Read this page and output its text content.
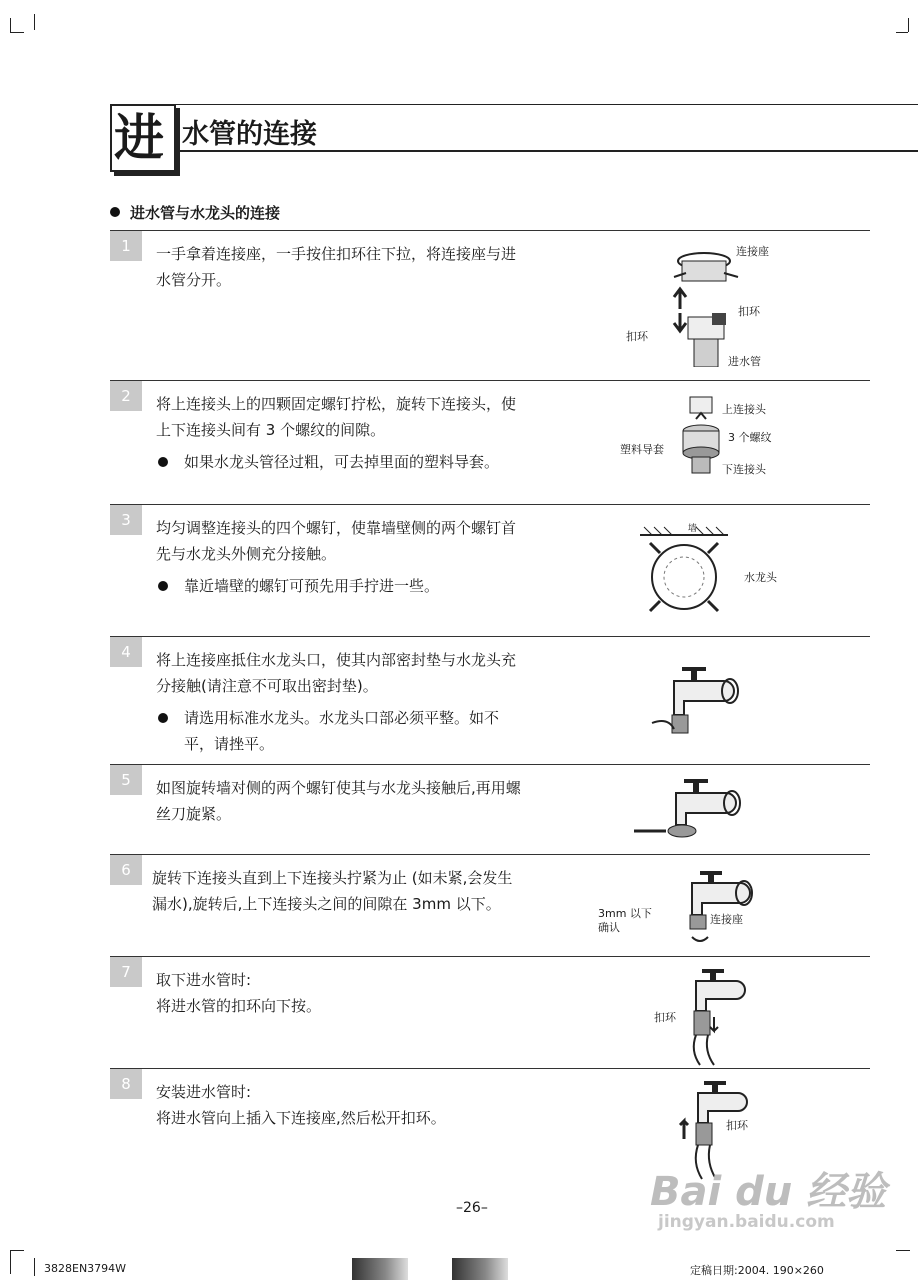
进 水管的连接
进水管与水龙头的连接
1	一手拿着连接座，一手按住扣环往下拉，将连接座与进水管分开。
连接座
扣环
扣环
进水管
2	将上连接头上的四颗固定螺钉拧松，旋转下连接头，使上下连接头间有 3 个螺纹的间隙。
如果水龙头管径过粗，可去掉里面的塑料导套。
上连接头
3 个螺纹
塑料导套
下连接头
3	均匀调整连接头的四个螺钉，使靠墙壁侧的两个螺钉首先与水龙头外侧充分接触。
靠近墙壁的螺钉可预先用手拧进一些。
墙
水龙头
4	将上连接座抵住水龙头口，使其内部密封垫与水龙头充分接触(请注意不可取出密封垫)。
请选用标准水龙头。水龙头口部必须平整。如不平，请挫平。
5	如图旋转墙对侧的两个螺钉使其与水龙头接触后,再用螺丝刀旋紧。
6	旋转下连接头直到上下连接头拧紧为止 (如未紧,会发生漏水),旋转后,上下连接头之间的间隙在 3mm 以下。
3mm 以下
确认
连接座
7	取下进水管时:
将进水管的扣环向下按。
扣环
8	安装进水管时:
将进水管向上插入下连接座,然后松开扣环。	扣环
Bai du 经验
jingyan.baidu.com
–26–
3828EN3794W	定稿日期:2004. 190×260
